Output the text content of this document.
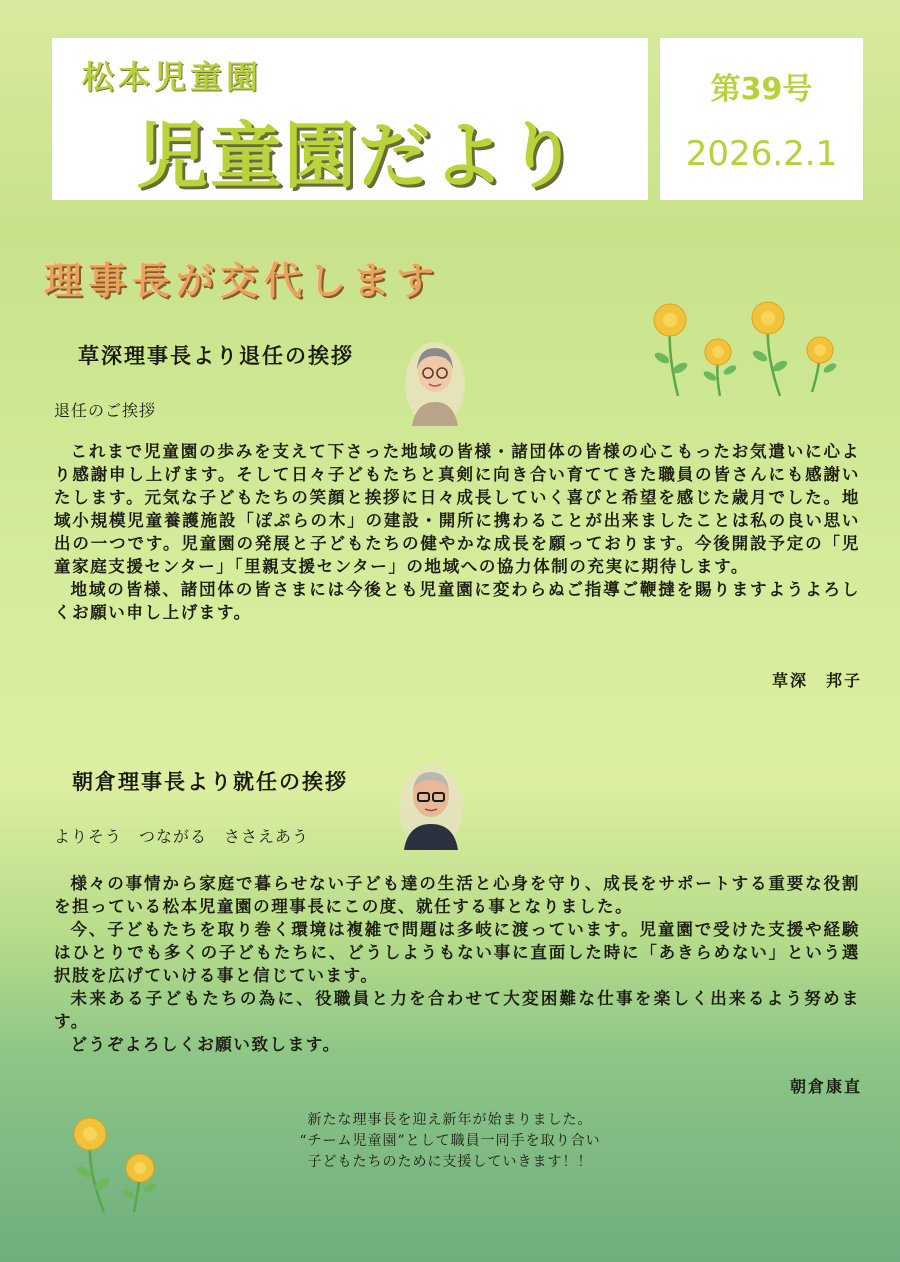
松本児童園
児童園だより
第39号
2026.2.1
理事長が交代します
草深理事長より退任の挨拶
退任のご挨拶

これまで児童園の歩みを支えて下さった地域の皆様・諸団体の皆様の心こもったお気遣いに心より感謝申し上げます。そして日々子どもたちと真剣に向き合い育ててきた職員の皆さんにも感謝いたします。元気な子どもたちの笑顔と挨拶に日々成長していく喜びと希望を感じた歳月でした。地域小規模児童養護施設「ぽぷらの木」の建設・開所に携わることが出来ましたことは私の良い思い出の一つです。児童園の発展と子どもたちの健やかな成長を願っております。今後開設予定の「児童家庭支援センター」「里親支援センター」の地域への協力体制の充実に期待します。

地域の皆様、諸団体の皆さまには今後とも児童園に変わらぬご指導ご鞭撻を賜りますようよろしくお願い申し上げます。

草深　邦子
朝倉理事長より就任の挨拶
よりそう　つながる　ささえあう

様々の事情から家庭で暮らせない子ども達の生活と心身を守り、成長をサポートする重要な役割を担っている松本児童園の理事長にこの度、就任する事となりました。

今、子どもたちを取り巻く環境は複雑で問題は多岐に渡っています。児童園で受けた支援や経験はひとりでも多くの子どもたちに、どうしようもない事に直面した時に「あきらめない」という選択肢を広げていける事と信じています。

未来ある子どもたちの為に、役職員と力を合わせて大変困難な仕事を楽しく出来るよう努めます。

どうぞよろしくお願い致します。

朝倉康直
新たな理事長を迎え新年が始まりました。
“チーム児童園”として職員一同手を取り合い
子どもたちのために支援していきます！！
